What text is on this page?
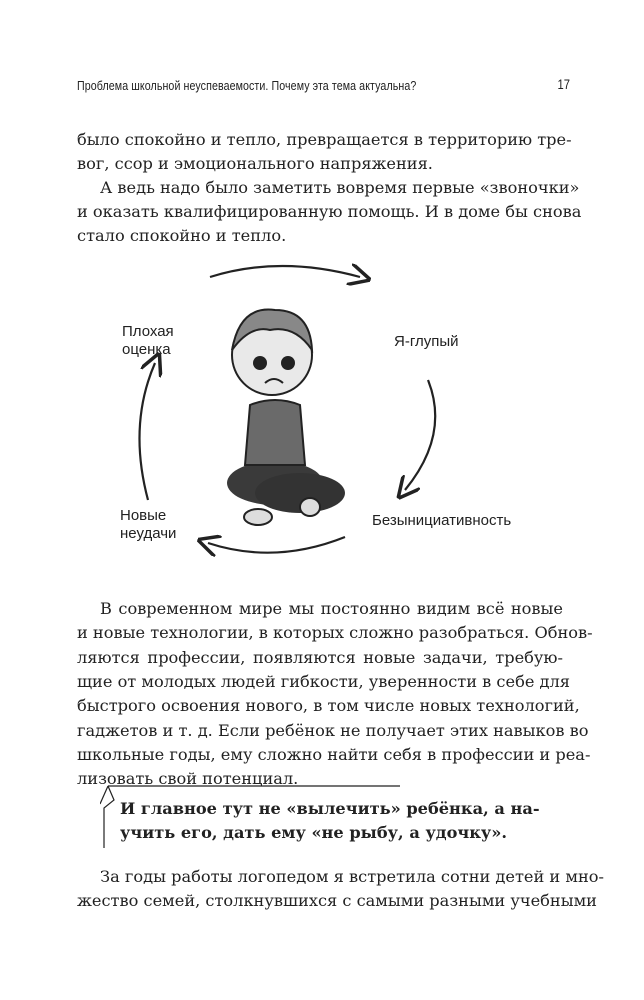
Проблема школьной неуспеваемости. Почему эта тема актуальна?	17
было спокойно и тепло, превращается в территорию тре-
вог, ссор и эмоционального напряжения.
А ведь надо было заметить вовремя первые «звоночки»
и оказать квалифицированную помощь. И в доме бы снова
стало спокойно и тепло.
Плохая
оценка	Я-глупый
Безынициативность
Новые
неудачи
В современном мире мы постоянно видим всё новые
и новые технологии, в которых сложно разобраться. Обнов-
ляются профессии, появляются новые задачи, требую-
щие от молодых людей гибкости, уверенности в себе для
быстрого освоения нового, в том числе новых технологий,
гаджетов и т. д. Если ребёнок не получает этих навыков во
школьные годы, ему сложно найти себя в профессии и реа-
лизовать свой потенциал.
И главное тут не «вылечить» ребёнка, а на-
учить его, дать ему «не рыбу, а удочку».
За годы работы логопедом я встретила сотни детей и мно-
жество семей, столкнувшихся с самыми разными учебными
